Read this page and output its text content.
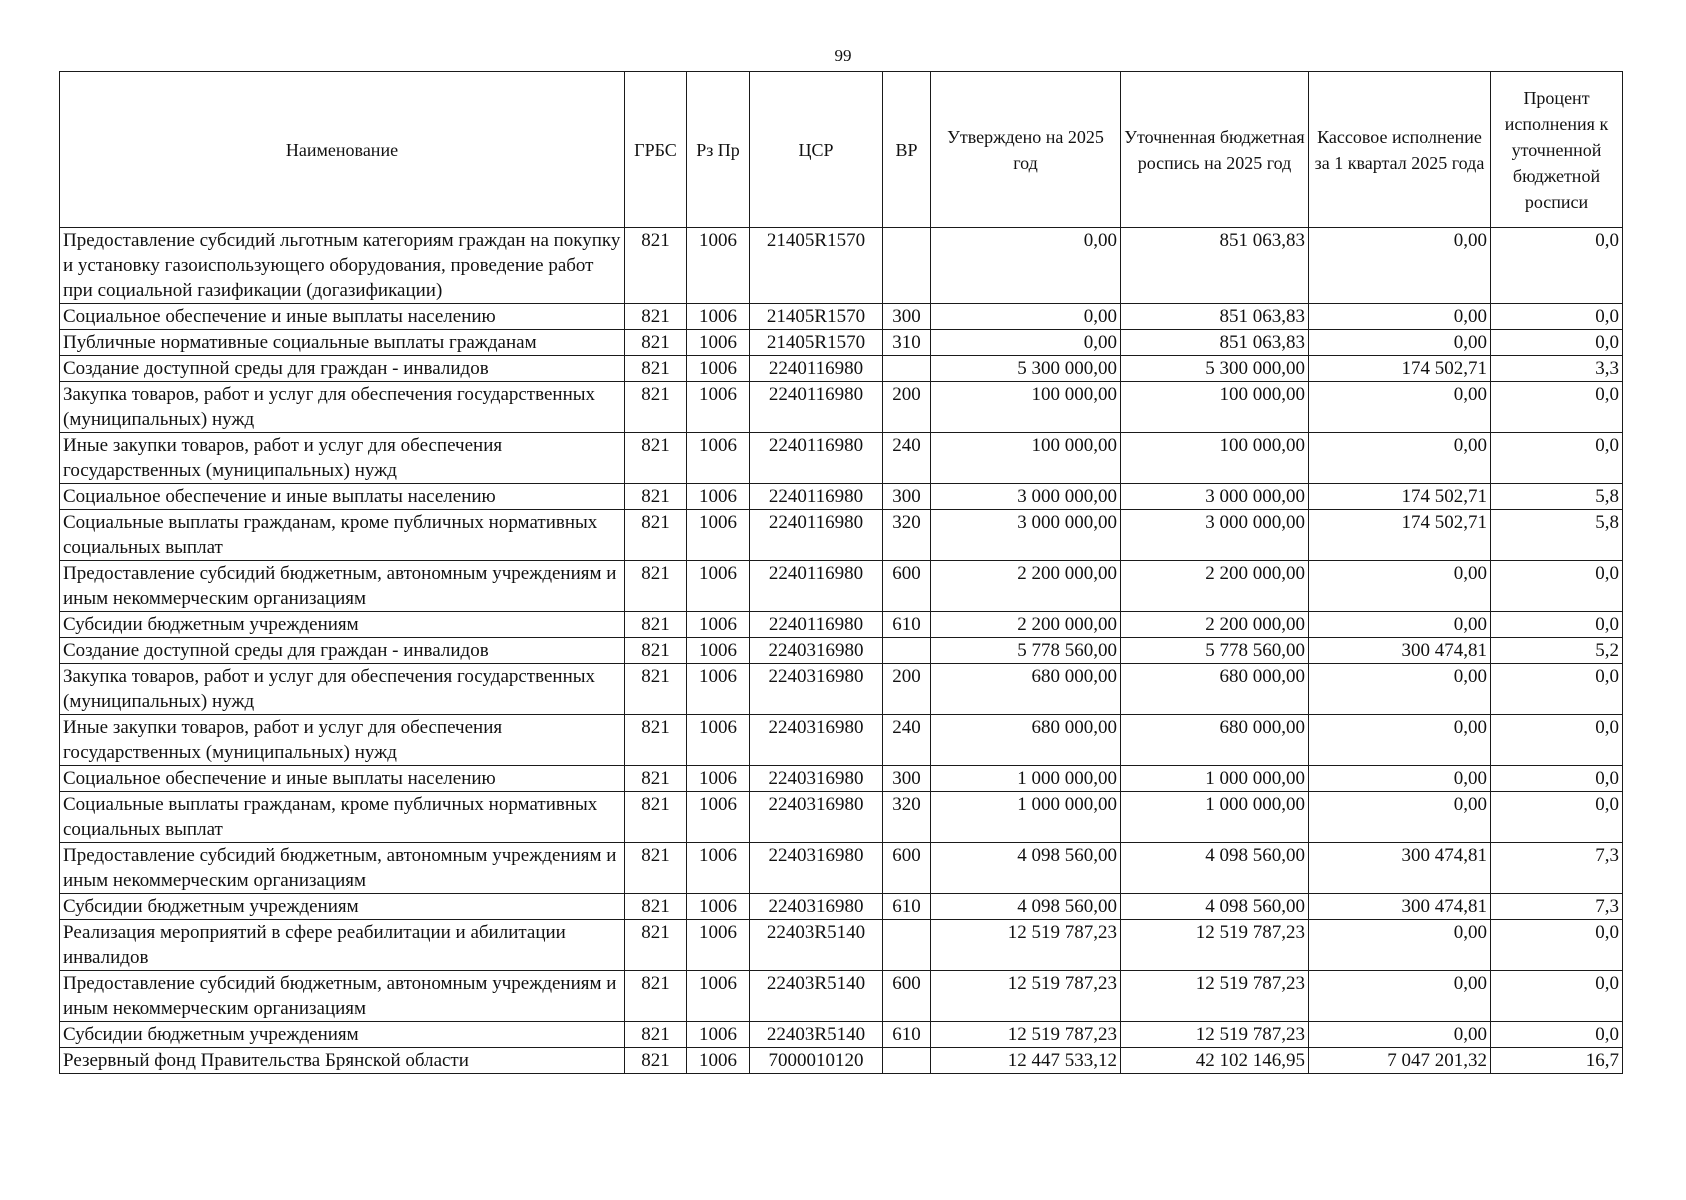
99
Наименование	ГРБС	Рз Пр	ЦСР	ВР	Утверждено на 2025 год	Уточненная бюджетная роспись на 2025 год	Кассовое исполнение за 1 квартал 2025 года	Процент исполнения к уточненной бюджетной росписи
Предоставление субсидий льготным категориям граждан на покупку и установку газоиспользующего оборудования, проведение работ при социальной газификации (догазификации)	821	1006	21405R1570		0,00	851 063,83	0,00	0,0
Социальное обеспечение и иные выплаты населению	821	1006	21405R1570	300	0,00	851 063,83	0,00	0,0
Публичные нормативные социальные выплаты гражданам	821	1006	21405R1570	310	0,00	851 063,83	0,00	0,0
Создание доступной среды для граждан - инвалидов	821	1006	2240116980		5 300 000,00	5 300 000,00	174 502,71	3,3
Закупка товаров, работ и услуг для обеспечения государственных (муниципальных) нужд	821	1006	2240116980	200	100 000,00	100 000,00	0,00	0,0
Иные закупки товаров, работ и услуг для обеспечения государственных (муниципальных) нужд	821	1006	2240116980	240	100 000,00	100 000,00	0,00	0,0
Социальное обеспечение и иные выплаты населению	821	1006	2240116980	300	3 000 000,00	3 000 000,00	174 502,71	5,8
Социальные выплаты гражданам, кроме публичных нормативных социальных выплат	821	1006	2240116980	320	3 000 000,00	3 000 000,00	174 502,71	5,8
Предоставление субсидий бюджетным, автономным учреждениям и иным некоммерческим организациям	821	1006	2240116980	600	2 200 000,00	2 200 000,00	0,00	0,0
Субсидии бюджетным учреждениям	821	1006	2240116980	610	2 200 000,00	2 200 000,00	0,00	0,0
Создание доступной среды для граждан - инвалидов	821	1006	2240316980		5 778 560,00	5 778 560,00	300 474,81	5,2
Закупка товаров, работ и услуг для обеспечения государственных (муниципальных) нужд	821	1006	2240316980	200	680 000,00	680 000,00	0,00	0,0
Иные закупки товаров, работ и услуг для обеспечения государственных (муниципальных) нужд	821	1006	2240316980	240	680 000,00	680 000,00	0,00	0,0
Социальное обеспечение и иные выплаты населению	821	1006	2240316980	300	1 000 000,00	1 000 000,00	0,00	0,0
Социальные выплаты гражданам, кроме публичных нормативных социальных выплат	821	1006	2240316980	320	1 000 000,00	1 000 000,00	0,00	0,0
Предоставление субсидий бюджетным, автономным учреждениям и иным некоммерческим организациям	821	1006	2240316980	600	4 098 560,00	4 098 560,00	300 474,81	7,3
Субсидии бюджетным учреждениям	821	1006	2240316980	610	4 098 560,00	4 098 560,00	300 474,81	7,3
Реализация мероприятий в сфере реабилитации и абилитации инвалидов	821	1006	22403R5140		12 519 787,23	12 519 787,23	0,00	0,0
Предоставление субсидий бюджетным, автономным учреждениям и иным некоммерческим организациям	821	1006	22403R5140	600	12 519 787,23	12 519 787,23	0,00	0,0
Субсидии бюджетным учреждениям	821	1006	22403R5140	610	12 519 787,23	12 519 787,23	0,00	0,0
Резервный фонд Правительства Брянской области	821	1006	7000010120		12 447 533,12	42 102 146,95	7 047 201,32	16,7
